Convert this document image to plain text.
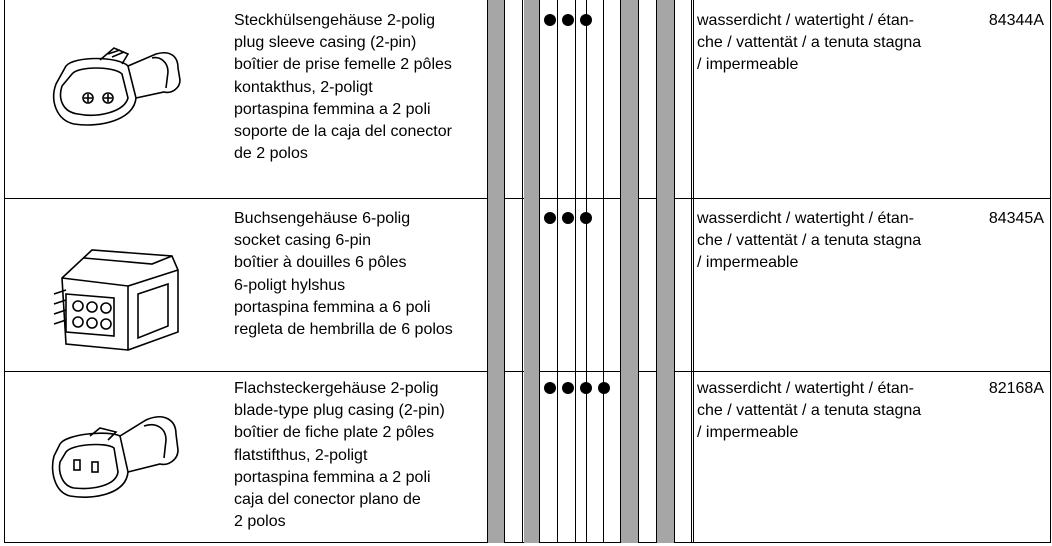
Steckhülsengehäuse 2-polig
plug sleeve casing (2-pin)
boîtier de prise femelle 2 pôles
kontakthus, 2-poligt
portaspina femmina a 2 poli
soporte de la caja del conector
de 2 polos
wasserdicht / watertight / étan-
che / vattentät / a tenuta stagna
/ impermeable
84344A
Buchsengehäuse 6-polig
socket casing 6-pin
boîtier à douilles 6 pôles
6-poligt hylshus
portaspina femmina a 6 poli
regleta de hembrilla de 6 polos
wasserdicht / watertight / étan-
che / vattentät / a tenuta stagna
/ impermeable
84345A
Flachsteckergehäuse 2-polig
blade-type plug casing (2-pin)
boîtier de fiche plate 2 pôles
flatstifthus, 2-poligt
portaspina femmina a 2 poli
caja del conector plano de
2 polos
wasserdicht / watertight / étan-
che / vattentät / a tenuta stagna
/ impermeable
82168A
